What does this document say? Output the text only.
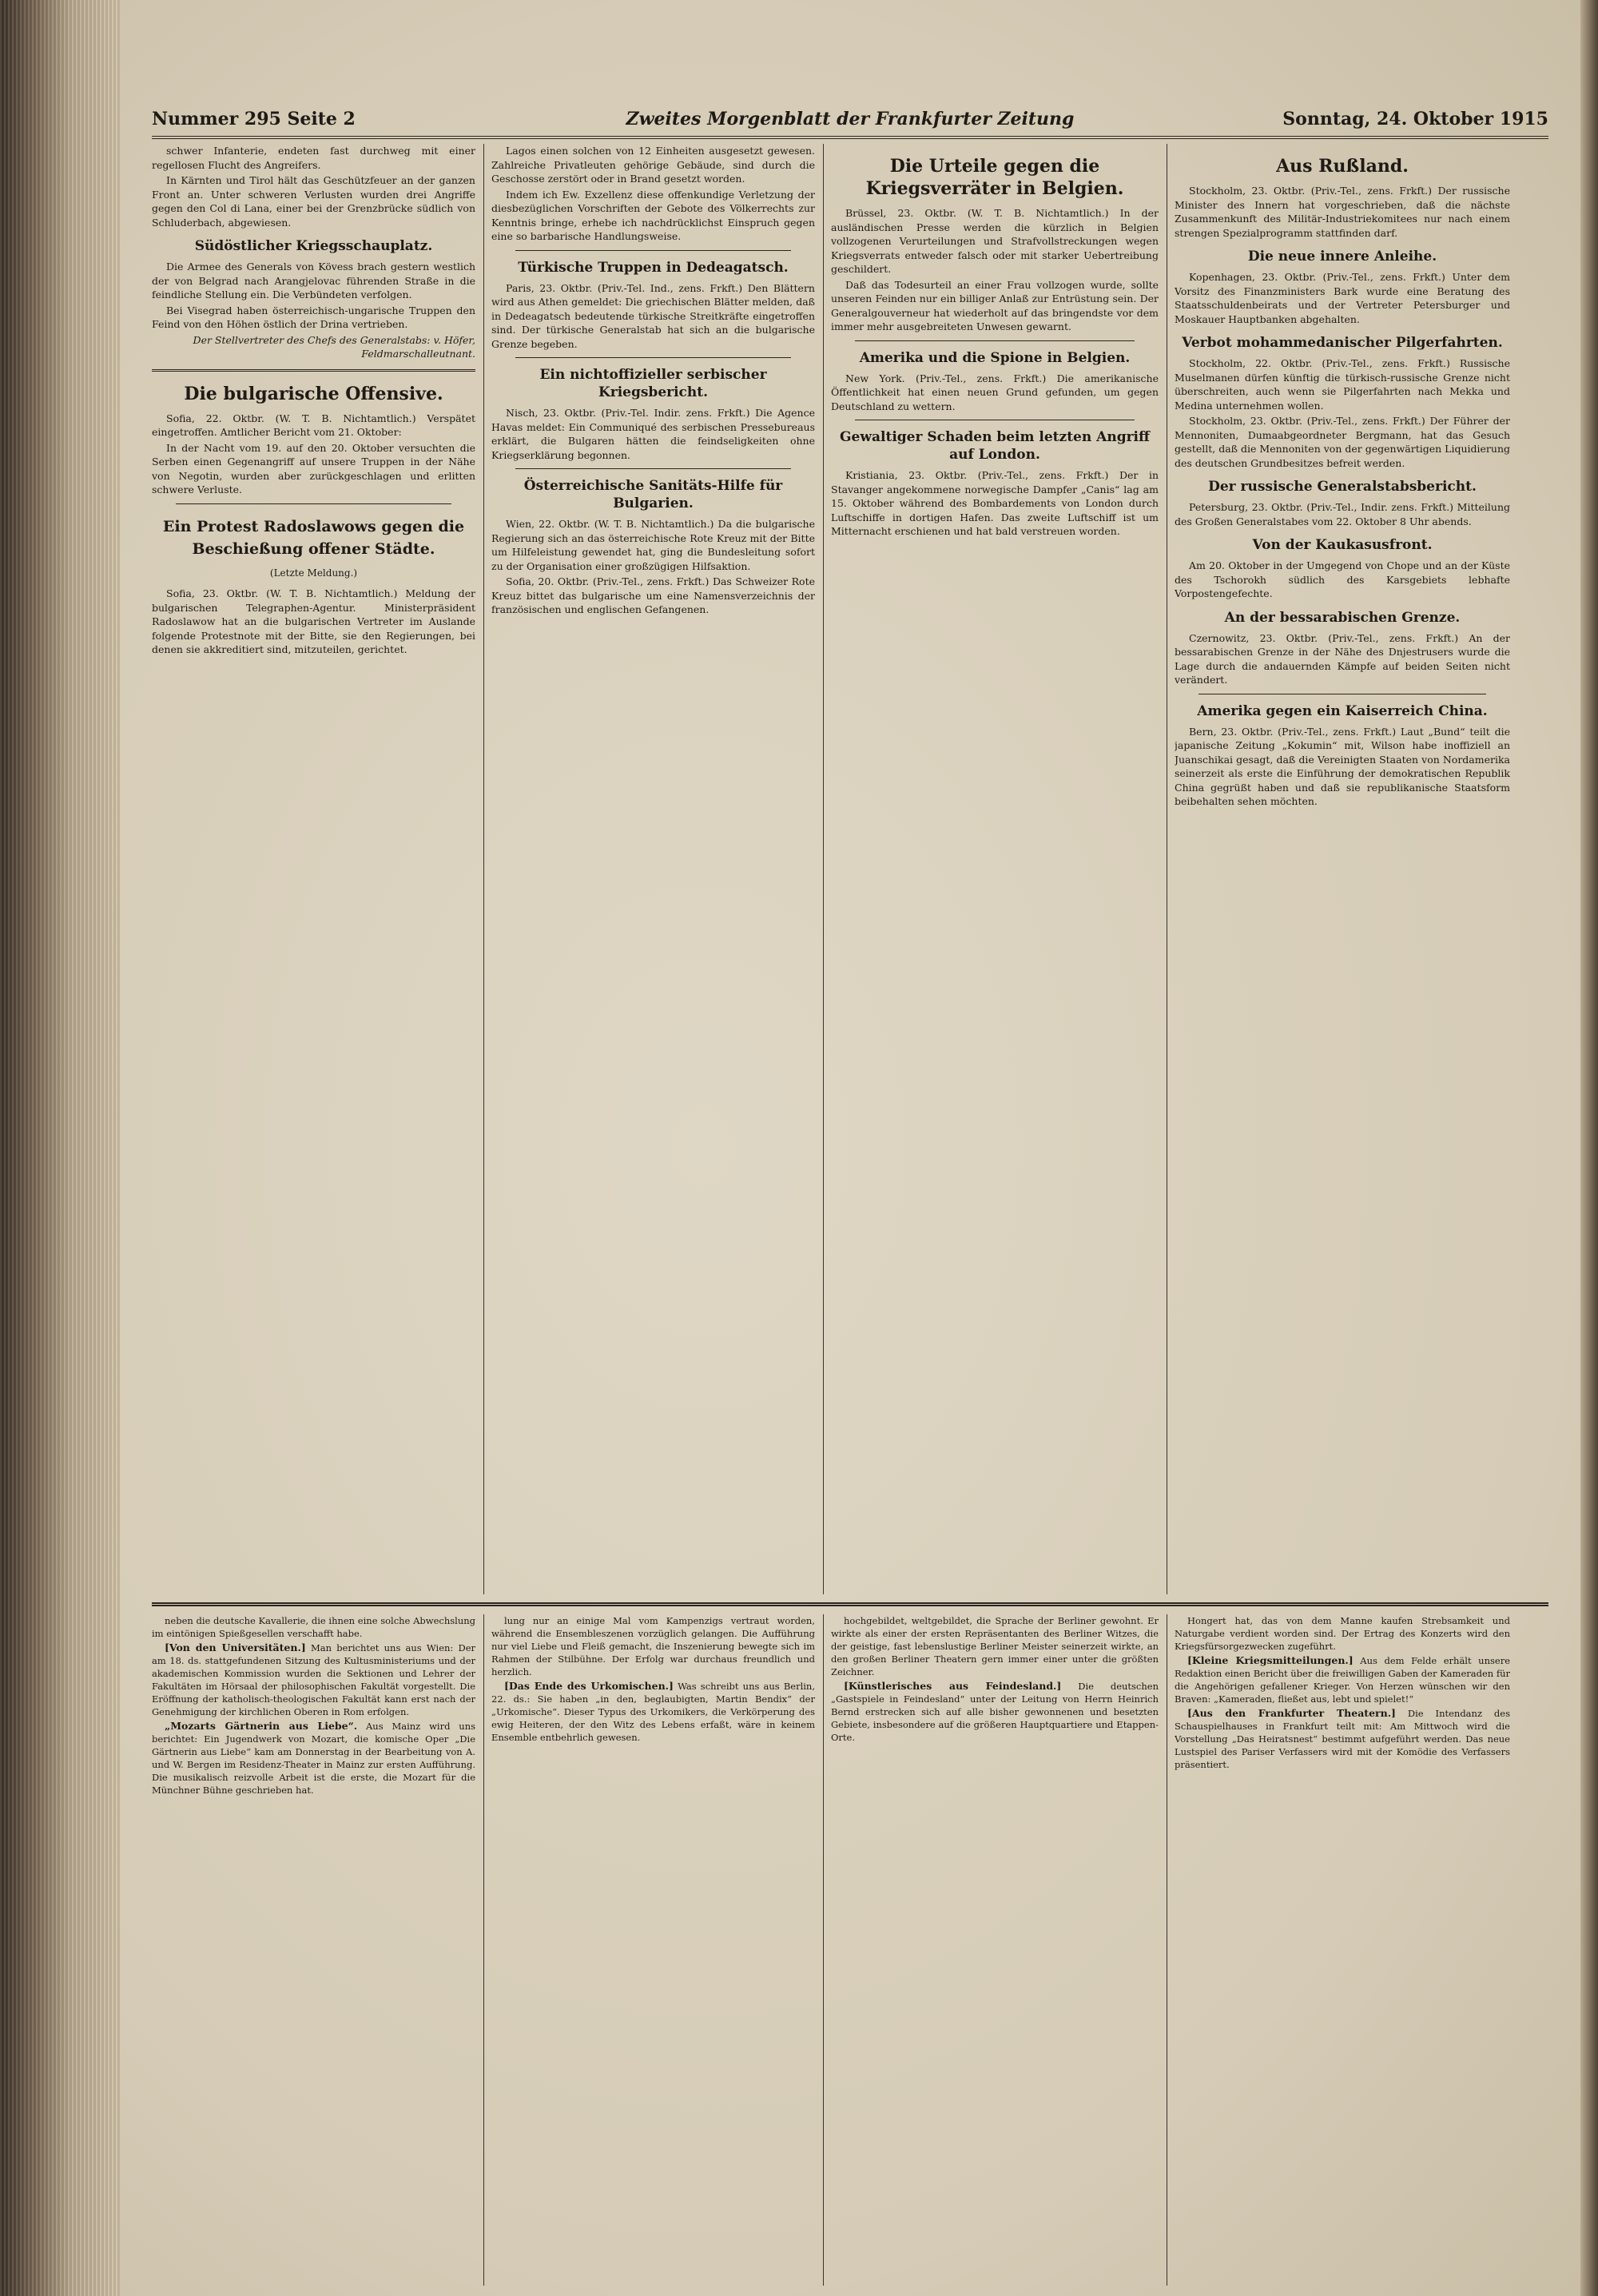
Nummer 295 Seite 2	Zweites Morgenblatt der Frankfurter Zeitung	Sonntag, 24. Oktober 1915

schwer Infanterie, endeten fast durchweg mit einer regellosen Flucht des Angreifers.

In Kärnten und Tirol hält das Geschützfeuer an der ganzen Front an. Unter schweren Verlusten wurden drei Angriffe gegen den Col di Lana, einer bei der Grenzbrücke südlich von Schluderbach, abgewiesen.

Südöstlicher Kriegsschauplatz.

Die Armee des Generals von Kövess brach gestern westlich der von Belgrad nach Arangjelovac führenden Straße in die feindliche Stellung ein. Die Verbündeten verfolgen.

Bei Visegrad haben österreichisch-ungarische Truppen den Feind von den Höhen östlich der Drina vertrieben.

Der Stellvertreter des Chefs des Generalstabs: v. Höfer, Feldmarschalleutnant.

Die bulgarische Offensive.

Sofia, 22. Oktbr. (W. T. B. Nichtamtlich.) Verspätet eingetroffen. Amtlicher Bericht vom 21. Oktober:

In der Nacht vom 19. auf den 20. Oktober versuchten die Serben einen Gegenangriff auf unsere Truppen in der Nähe von Negotin, wurden aber zurückgeschlagen und erlitten schwere Verluste.

Ein Protest Radoslawows gegen die Beschießung offener Städte.
(Letzte Meldung.)

Sofia, 23. Oktbr. (W. T. B. Nichtamtlich.) Meldung der bulgarischen Telegraphen-Agentur. Ministerpräsident Radoslawow hat an die bulgarischen Vertreter im Auslande folgende Protestnote mit der Bitte, sie den Regierungen, bei denen sie akkreditiert sind, mitzuteilen, gerichtet.

Lagos einen solchen von 12 Einheiten ausgesetzt gewesen. Zahlreiche Privatleuten gehörige Gebäude, sind durch die Geschosse zerstört oder in Brand gesetzt worden.

Indem ich Ew. Exzellenz diese offenkundige Verletzung der diesbezüglichen Vorschriften der Gebote des Völkerrechts zur Kenntnis bringe, erhebe ich nachdrücklichst Einspruch gegen eine so barbarische Handlungsweise.

Türkische Truppen in Dedeagatsch.

Paris, 23. Oktbr. (Priv.-Tel. Ind., zens. Frkft.) Den Blättern wird aus Athen gemeldet: Die griechischen Blätter melden, daß in Dedeagatsch bedeutende türkische Streitkräfte eingetroffen sind. Der türkische Generalstab hat sich an die bulgarische Grenze begeben.

Ein nichtoffizieller serbischer Kriegsbericht.

Nisch, 23. Oktbr. (Priv.-Tel. Indir. zens. Frkft.) Die Agence Havas meldet: Ein Communiqué des serbischen Pressebureaus erklärt, die Bulgaren hätten die feindseligkeiten ohne Kriegserklärung begonnen.

Österreichische Sanitäts-Hilfe für Bulgarien.

Wien, 22. Oktbr. (W. T. B. Nichtamtlich.) Da die bulgarische Regierung sich an das österreichische Rote Kreuz mit der Bitte um Hilfeleistung gewendet hat, ging die Bundesleitung sofort zu der Organisation einer großzügigen Hilfsaktion.

Sofia, 20. Oktbr. (Priv.-Tel., zens. Frkft.) Das Schweizer Rote Kreuz bittet das bulgarische um eine Namensverzeichnis der französischen und englischen Gefangenen.

Die Urteile gegen die Kriegsverräter in Belgien.

Brüssel, 23. Oktbr. (W. T. B. Nichtamtlich.) In der ausländischen Presse werden die kürzlich in Belgien vollzogenen Verurteilungen und Strafvollstreckungen wegen Kriegsverrats entweder falsch oder mit starker Uebertreibung geschildert.

Daß das Todesurteil an einer Frau vollzogen wurde, sollte unseren Feinden nur ein billiger Anlaß zur Entrüstung sein. Der Generalgouverneur hat wiederholt auf das bringendste vor dem immer mehr ausgebreiteten Unwesen gewarnt.

Amerika und die Spione in Belgien.

New York. (Priv.-Tel., zens. Frkft.) Die amerikanische Öffentlichkeit hat einen neuen Grund gefunden, um gegen Deutschland zu wettern.

Gewaltiger Schaden beim letzten Angriff auf London.

Kristiania, 23. Oktbr. (Priv.-Tel., zens. Frkft.) Der in Stavanger angekommene norwegische Dampfer „Canis“ lag am 15. Oktober während des Bombardements von London durch Luftschiffe in dortigen Hafen. Das zweite Luftschiff ist um Mitternacht erschienen und hat bald verstreuen worden.

Aus Rußland.

Stockholm, 23. Oktbr. (Priv.-Tel., zens. Frkft.) Der russische Minister des Innern hat vorgeschrieben, daß die nächste Zusammenkunft des Militär-Industriekomitees nur nach einem strengen Spezialprogramm stattfinden darf.

Die neue innere Anleihe.

Kopenhagen, 23. Oktbr. (Priv.-Tel., zens. Frkft.) Unter dem Vorsitz des Finanzministers Bark wurde eine Beratung des Staatsschuldenbeirats und der Vertreter Petersburger und Moskauer Hauptbanken abgehalten.

Verbot mohammedanischer Pilgerfahrten.

Stockholm, 22. Oktbr. (Priv.-Tel., zens. Frkft.) Russische Muselmanen dürfen künftig die türkisch-russische Grenze nicht überschreiten, auch wenn sie Pilgerfahrten nach Mekka und Medina unternehmen wollen.

Stockholm, 23. Oktbr. (Priv.-Tel., zens. Frkft.) Der Führer der Mennoniten, Dumaabgeordneter Bergmann, hat das Gesuch gestellt, daß die Mennoniten von der gegenwärtigen Liquidierung des deutschen Grundbesitzes befreit werden.

Der russische Generalstabsbericht.

Petersburg, 23. Oktbr. (Priv.-Tel., Indir. zens. Frkft.) Mitteilung des Großen Generalstabes vom 22. Oktober 8 Uhr abends.

Von der Kaukasusfront.

Am 20. Oktober in der Umgegend von Chope und an der Küste des Tschorokh südlich des Karsgebiets lebhafte Vorpostengefechte.

An der bessarabischen Grenze.

Czernowitz, 23. Oktbr. (Priv.-Tel., zens. Frkft.) An der bessarabischen Grenze in der Nähe des Dnjestrusers wurde die Lage durch die andauernden Kämpfe auf beiden Seiten nicht verändert.

Amerika gegen ein Kaiserreich China.

Bern, 23. Oktbr. (Priv.-Tel., zens. Frkft.) Laut „Bund“ teilt die japanische Zeitung „Kokumin“ mit, Wilson habe inoffiziell an Juanschikai gesagt, daß die Vereinigten Staaten von Nordamerika seinerzeit als erste die Einführung der demokratischen Republik China gegrüßt haben und daß sie republikanische Staatsform beibehalten sehen möchten.

neben die deutsche Kavallerie, die ihnen eine solche Abwechslung im eintönigen Spießgesellen verschafft habe.

[Von den Universitäten.] Man berichtet uns aus Wien: Der am 18. ds. stattgefundenen Sitzung des Kultusministeriums und der akademischen Kommission wurden die Sektionen und Lehrer der Fakultäten im Hörsaal der philosophischen Fakultät vorgestellt. Die Eröffnung der katholisch-theologischen Fakultät kann erst nach der Genehmigung der kirchlichen Oberen in Rom erfolgen.

„Mozarts Gärtnerin aus Liebe“. Aus Mainz wird uns berichtet: Ein Jugendwerk von Mozart, die komische Oper „Die Gärtnerin aus Liebe“ kam am Donnerstag in der Bearbeitung von A. und W. Bergen im Residenz-Theater in Mainz zur ersten Aufführung. Die musikalisch reizvolle Arbeit ist die erste, die Mozart für die Münchner Bühne geschrieben hat.

lung nur an einige Mal vom Kampenzigs vertraut worden, während die Ensembleszenen vorzüglich gelangen. Die Aufführung nur viel Liebe und Fleiß gemacht, die Inszenierung bewegte sich im Rahmen der Stilbühne. Der Erfolg war durchaus freundlich und herzlich.

[Das Ende des Urkomischen.] Was schreibt uns aus Berlin, 22. ds.: Sie haben „in den, beglaubigten, Martin Bendix“ der „Urkomische“. Dieser Typus des Urkomikers, die Verkörperung des ewig Heiteren, der den Witz des Lebens erfaßt, wäre in keinem Ensemble entbehrlich gewesen.

hochgebildet, weltgebildet, die Sprache der Berliner gewohnt. Er wirkte als einer der ersten Repräsentanten des Berliner Witzes, die der geistige, fast lebenslustige Berliner Meister seinerzeit wirkte, an den großen Berliner Theatern gern immer einer unter die größten Zeichner.

[Künstlerisches aus Feindesland.] Die deutschen „Gastspiele in Feindesland“ unter der Leitung von Herrn Heinrich Bernd erstrecken sich auf alle bisher gewonnenen und besetzten Gebiete, insbesondere auf die größeren Hauptquartiere und Etappen-Orte.

Hongert hat, das von dem Manne kaufen Strebsamkeit und Naturgabe verdient worden sind. Der Ertrag des Konzerts wird den Kriegsfürsorgezwecken zugeführt.

[Kleine Kriegsmitteilungen.] Aus dem Felde erhält unsere Redaktion einen Bericht über die freiwilligen Gaben der Kameraden für die Angehörigen gefallener Krieger. Von Herzen wünschen wir den Braven: „Kameraden, fließet aus, lebt und spielet!“

[Aus den Frankfurter Theatern.] Die Intendanz des Schauspielhauses in Frankfurt teilt mit: Am Mittwoch wird die Vorstellung „Das Heiratsnest“ bestimmt aufgeführt werden. Das neue Lustspiel des Pariser Verfassers wird mit der Komödie des Verfassers präsentiert.
